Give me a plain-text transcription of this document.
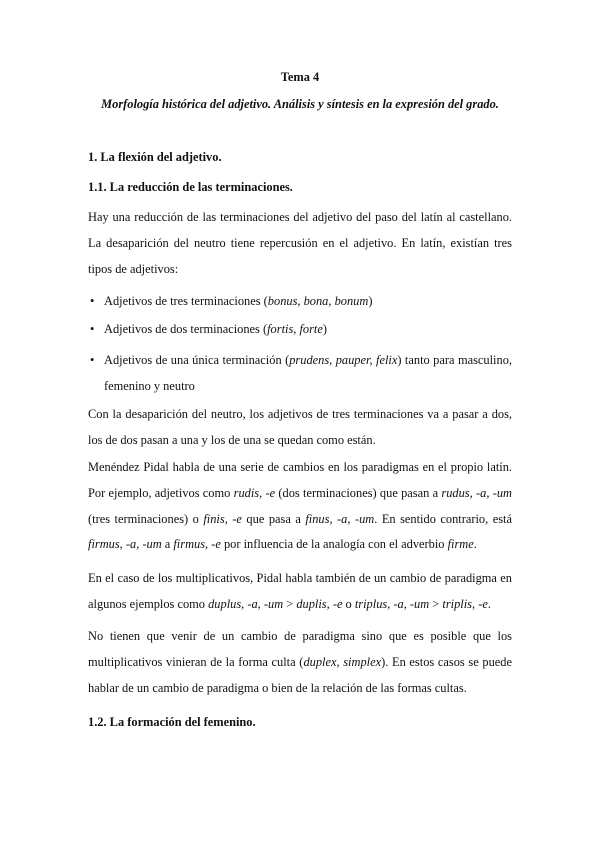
Tema 4
Morfología histórica del adjetivo. Análisis y síntesis en la expresión del grado.
1. La flexión del adjetivo.
1.1. La reducción de las terminaciones.

Hay una reducción de las terminaciones del adjetivo del paso del latín al castellano. La desaparición del neutro tiene repercusión en el adjetivo. En latín, existían tres tipos de adjetivos:

• Adjetivos de tres terminaciones (bonus, bona, bonum)
• Adjetivos de dos terminaciones (fortis, forte)
• Adjetivos de una única terminación (prudens, pauper, felix) tanto para masculino, femenino y neutro

Con la desaparición del neutro, los adjetivos de tres terminaciones va a pasar a dos, los de dos pasan a una y los de una se quedan como están.

Menéndez Pidal habla de una serie de cambios en los paradigmas en el propio latín. Por ejemplo, adjetivos como rudis, -e (dos terminaciones) que pasan a rudus, -a, -um (tres terminaciones) o finis, -e que pasa a finus, -a, -um. En sentido contrario, está firmus, -a, -um a firmus, -e por influencia de la analogía con el adverbio firme.

En el caso de los multiplicativos, Pidal habla también de un cambio de paradigma en algunos ejemplos como duplus, -a, -um > duplis, -e o triplus, -a, -um > triplis, -e.

No tienen que venir de un cambio de paradigma sino que es posible que los multiplicativos vinieran de la forma culta (duplex, simplex). En estos casos se puede hablar de un cambio de paradigma o bien de la relación de las formas cultas.

1.2. La formación del femenino.
